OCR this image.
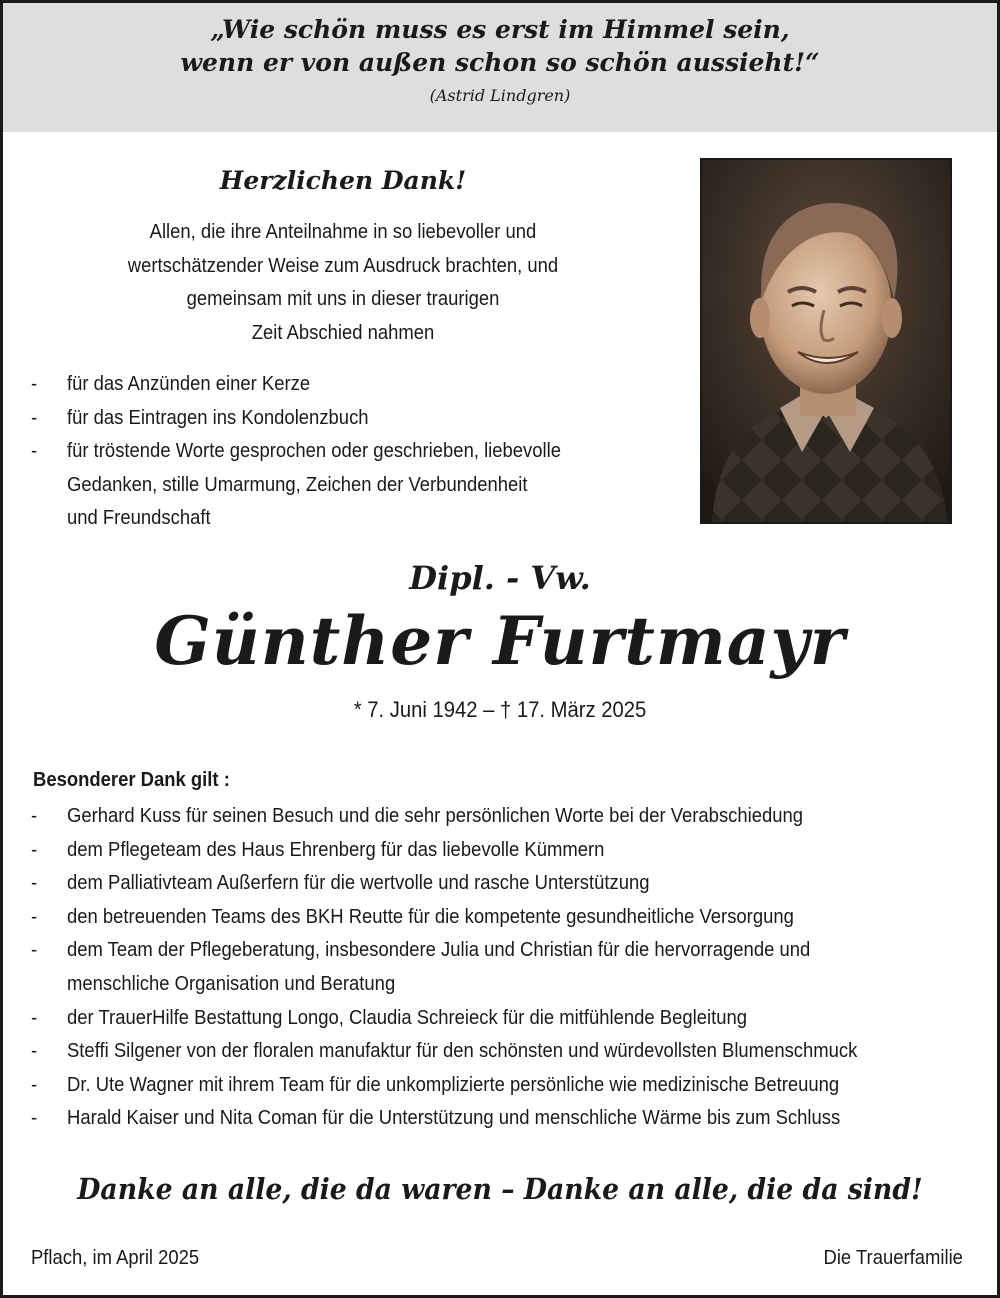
„Wie schön muss es erst im Himmel sein,
wenn er von außen schon so schön aussieht!“
(Astrid Lindgren)
Herzlichen Dank!
Allen, die ihre Anteilnahme in so liebevoller und
wertschätzender Weise zum Ausdruck brachten, und
gemeinsam mit uns in dieser traurigen
Zeit Abschied nahmen
- für das Anzünden einer Kerze
- für das Eintragen ins Kondolenzbuch
- für tröstende Worte gesprochen oder geschrieben, liebevolle
Gedanken, stille Umarmung, Zeichen der Verbundenheit
und Freundschaft
Dipl. - Vw.
Günther Furtmayr
* 7. Juni 1942 – † 17. März 2025
Besonderer Dank gilt :
- Gerhard Kuss für seinen Besuch und die sehr persönlichen Worte bei der Verabschiedung
- dem Pflegeteam des Haus Ehrenberg für das liebevolle Kümmern
- dem Palliativteam Außerfern für die wertvolle und rasche Unterstützung
- den betreuenden Teams des BKH Reutte für die kompetente gesundheitliche Versorgung
- dem Team der Pflegeberatung, insbesondere Julia und Christian für die hervorragende und
menschliche Organisation und Beratung
- der TrauerHilfe Bestattung Longo, Claudia Schreieck für die mitfühlende Begleitung
- Steffi Silgener von der floralen manufaktur für den schönsten und würdevollsten Blumenschmuck
- Dr. Ute Wagner mit ihrem Team für die unkomplizierte persönliche wie medizinische Betreuung
- Harald Kaiser und Nita Coman für die Unterstützung und menschliche Wärme bis zum Schluss
Danke an alle, die da waren – Danke an alle, die da sind!
Pflach, im April 2025	Die Trauerfamilie
